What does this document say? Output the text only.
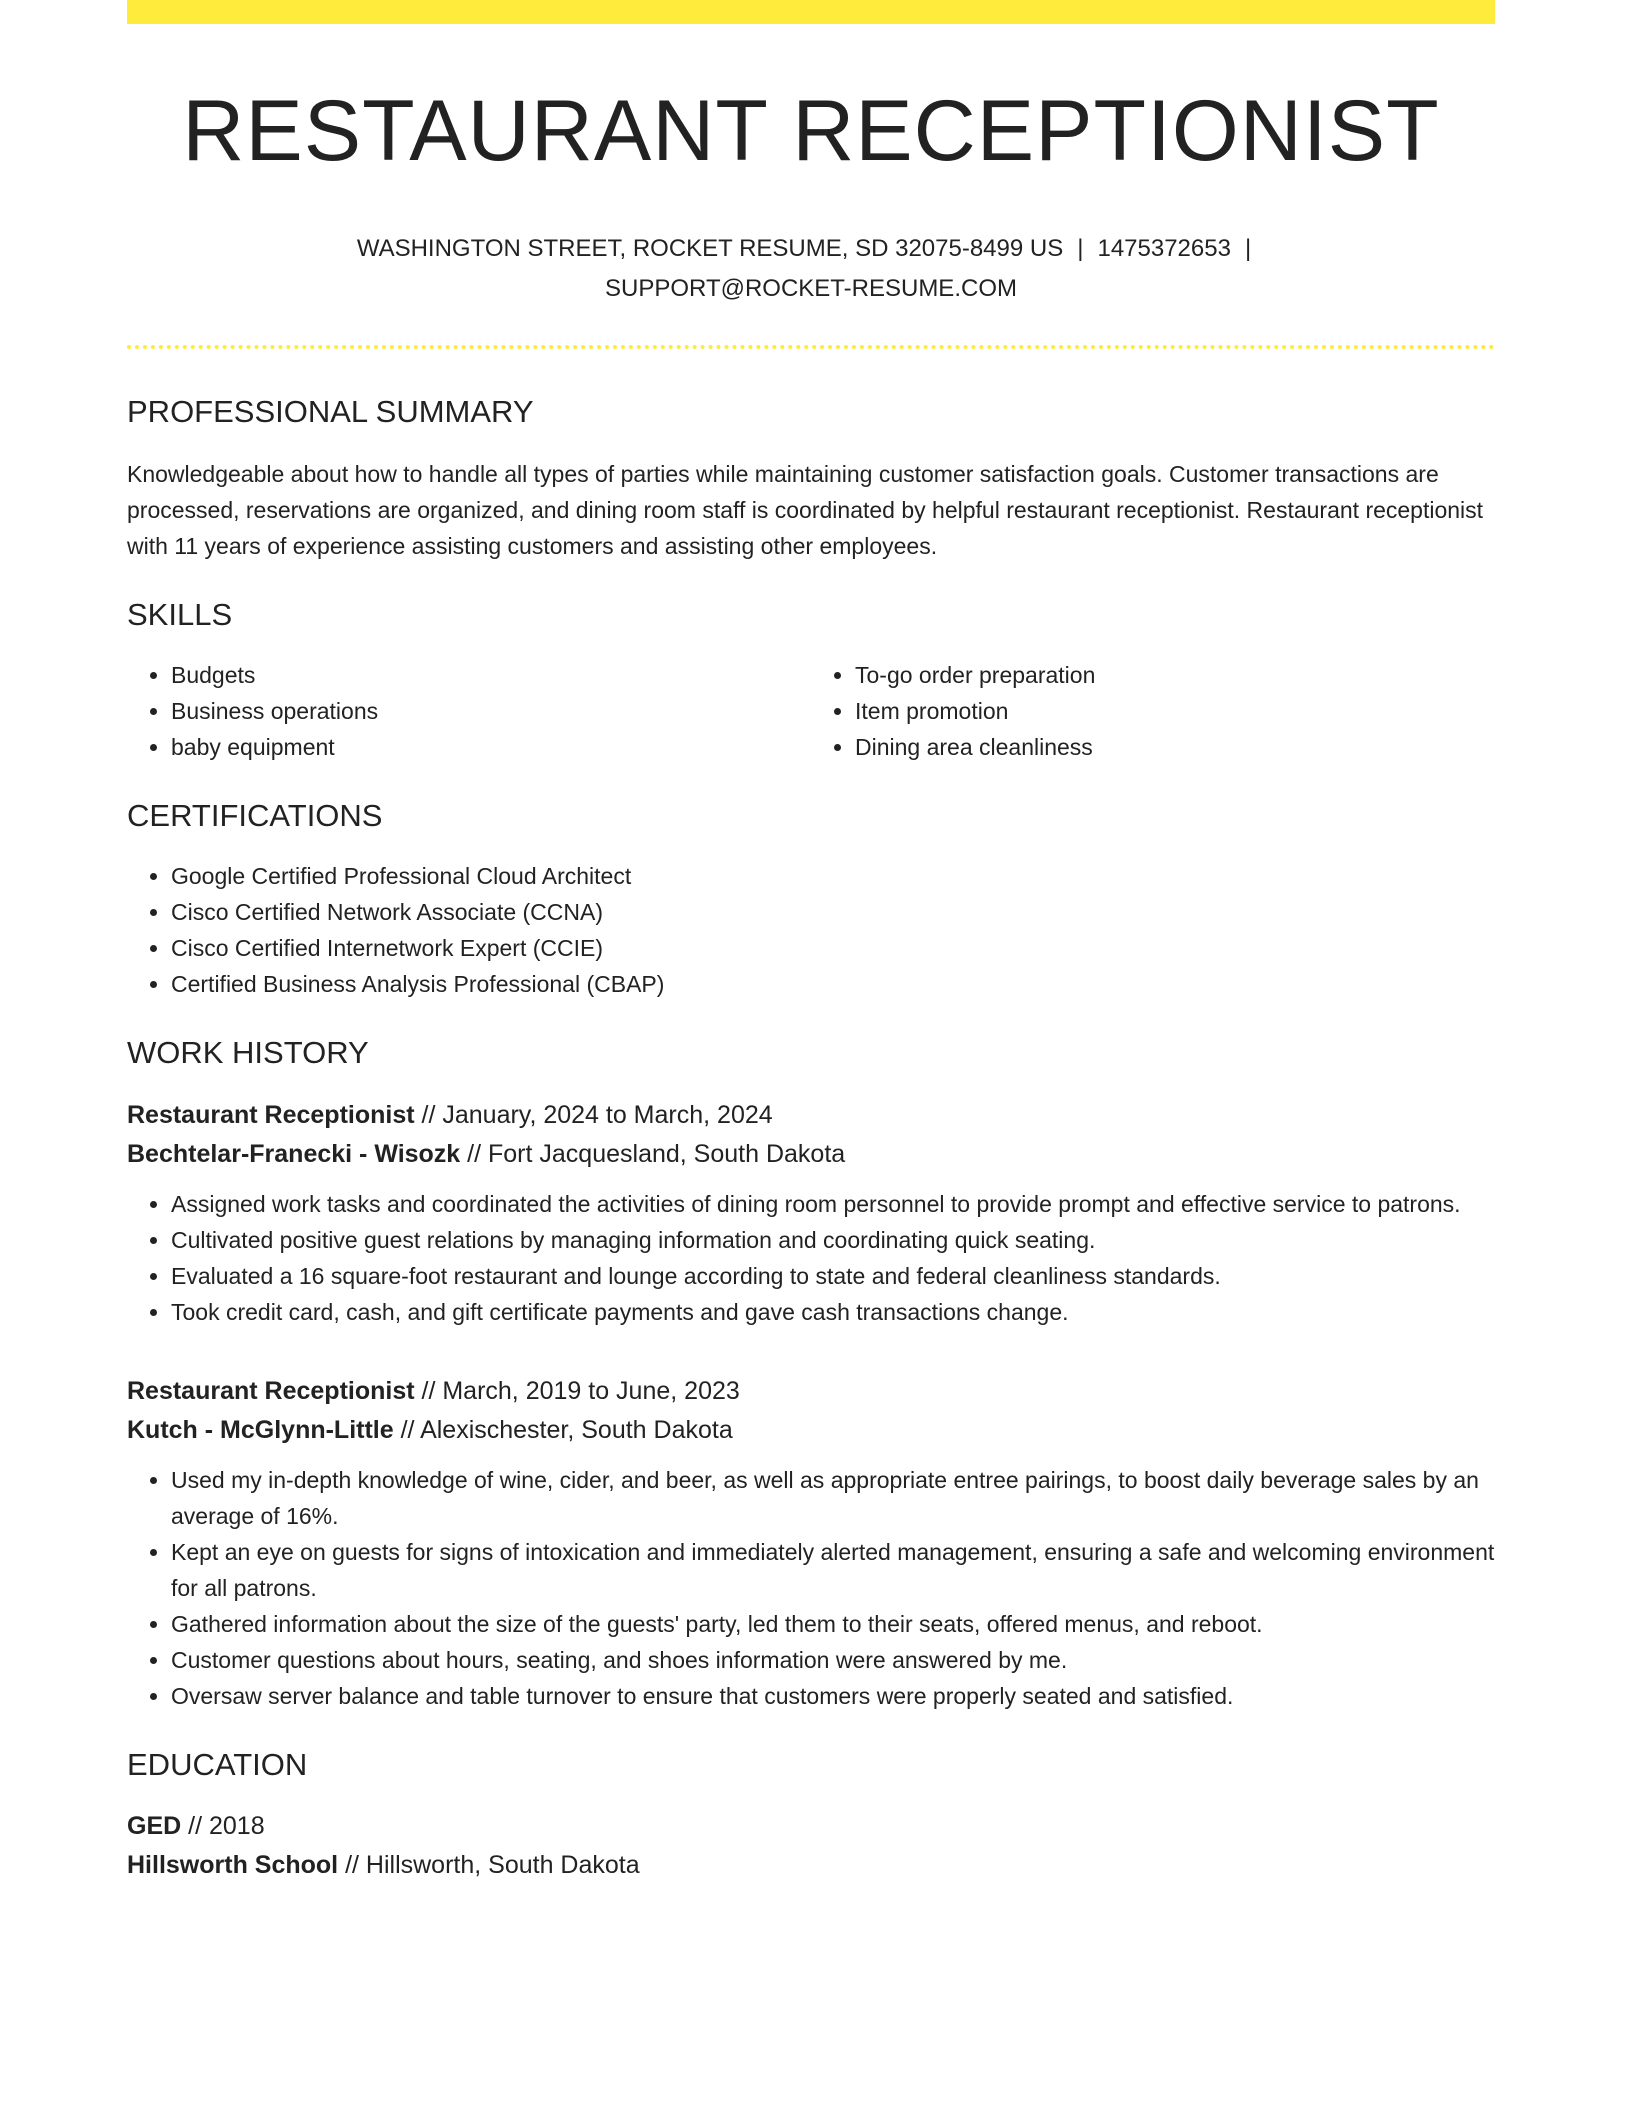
RESTAURANT RECEPTIONIST
WASHINGTON STREET, ROCKET RESUME, SD 32075-8499 US | 1475372653 |
SUPPORT@ROCKET-RESUME.COM
PROFESSIONAL SUMMARY

Knowledgeable about how to handle all types of parties while maintaining customer satisfaction goals. Customer transactions are processed, reservations are organized, and dining room staff is coordinated by helpful restaurant receptionist. Restaurant receptionist with 11 years of experience assisting customers and assisting other employees.

SKILLS
• Budgets
• Business operations
• baby equipment
• To-go order preparation
• Item promotion
• Dining area cleanliness
CERTIFICATIONS
• Google Certified Professional Cloud Architect
• Cisco Certified Network Associate (CCNA)
• Cisco Certified Internetwork Expert (CCIE)
• Certified Business Analysis Professional (CBAP)
WORK HISTORY
Restaurant Receptionist // January, 2024 to March, 2024
Bechtelar-Franecki - Wisozk // Fort Jacquesland, South Dakota
• Assigned work tasks and coordinated the activities of dining room personnel to provide prompt and effective service to patrons.
• Cultivated positive guest relations by managing information and coordinating quick seating.
• Evaluated a 16 square-foot restaurant and lounge according to state and federal cleanliness standards.
• Took credit card, cash, and gift certificate payments and gave cash transactions change.
Restaurant Receptionist // March, 2019 to June, 2023
Kutch - McGlynn-Little // Alexischester, South Dakota
• Used my in-depth knowledge of wine, cider, and beer, as well as appropriate entree pairings, to boost daily beverage sales by an average of 16%.
• Kept an eye on guests for signs of intoxication and immediately alerted management, ensuring a safe and welcoming environment for all patrons.
• Gathered information about the size of the guests' party, led them to their seats, offered menus, and reboot.
• Customer questions about hours, seating, and shoes information were answered by me.
• Oversaw server balance and table turnover to ensure that customers were properly seated and satisfied.
EDUCATION
GED // 2018
Hillsworth School // Hillsworth, South Dakota
